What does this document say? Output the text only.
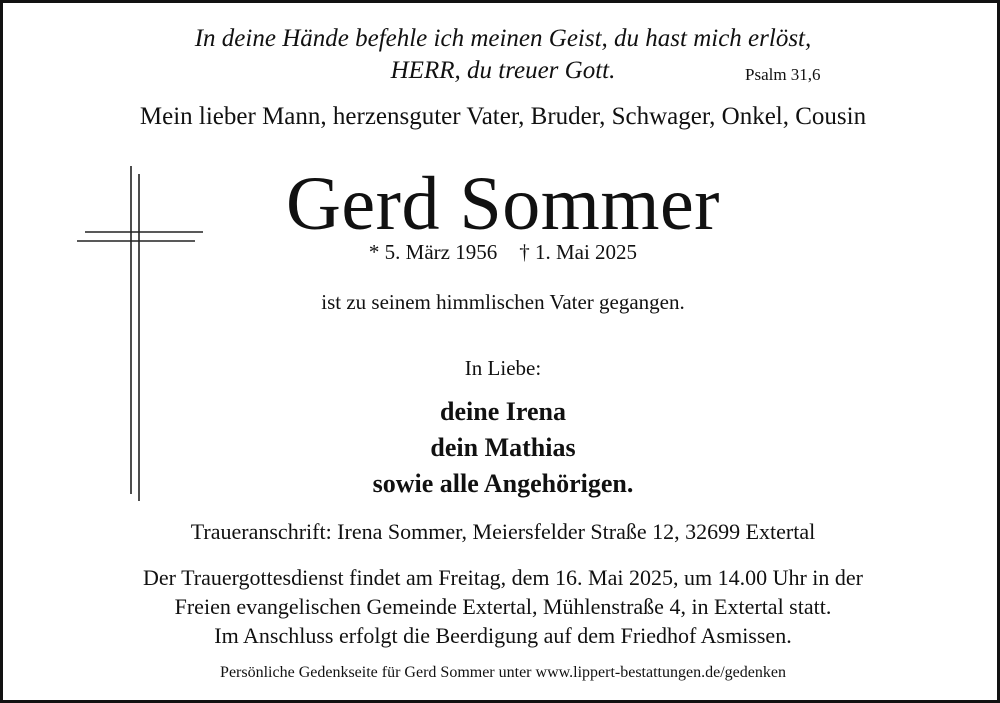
In deine Hände befehle ich meinen Geist, du hast mich erlöst,
HERR, du treuer Gott.	Psalm 31,6
Mein lieber Mann, herzensguter Vater, Bruder, Schwager, Onkel, Cousin
Gerd Sommer
* 5. März 1956 † 1. Mai 2025
ist zu seinem himmlischen Vater gegangen.
In Liebe:
deine Irena
dein Mathias
sowie alle Angehörigen.
Traueranschrift: Irena Sommer, Meiersfelder Straße 12, 32699 Extertal
Der Trauergottesdienst findet am Freitag, dem 16. Mai 2025, um 14.00 Uhr in der
Freien evangelischen Gemeinde Extertal, Mühlenstraße 4, in Extertal statt.
Im Anschluss erfolgt die Beerdigung auf dem Friedhof Asmissen.
Persönliche Gedenkseite für Gerd Sommer unter www.lippert-bestattungen.de/gedenken
